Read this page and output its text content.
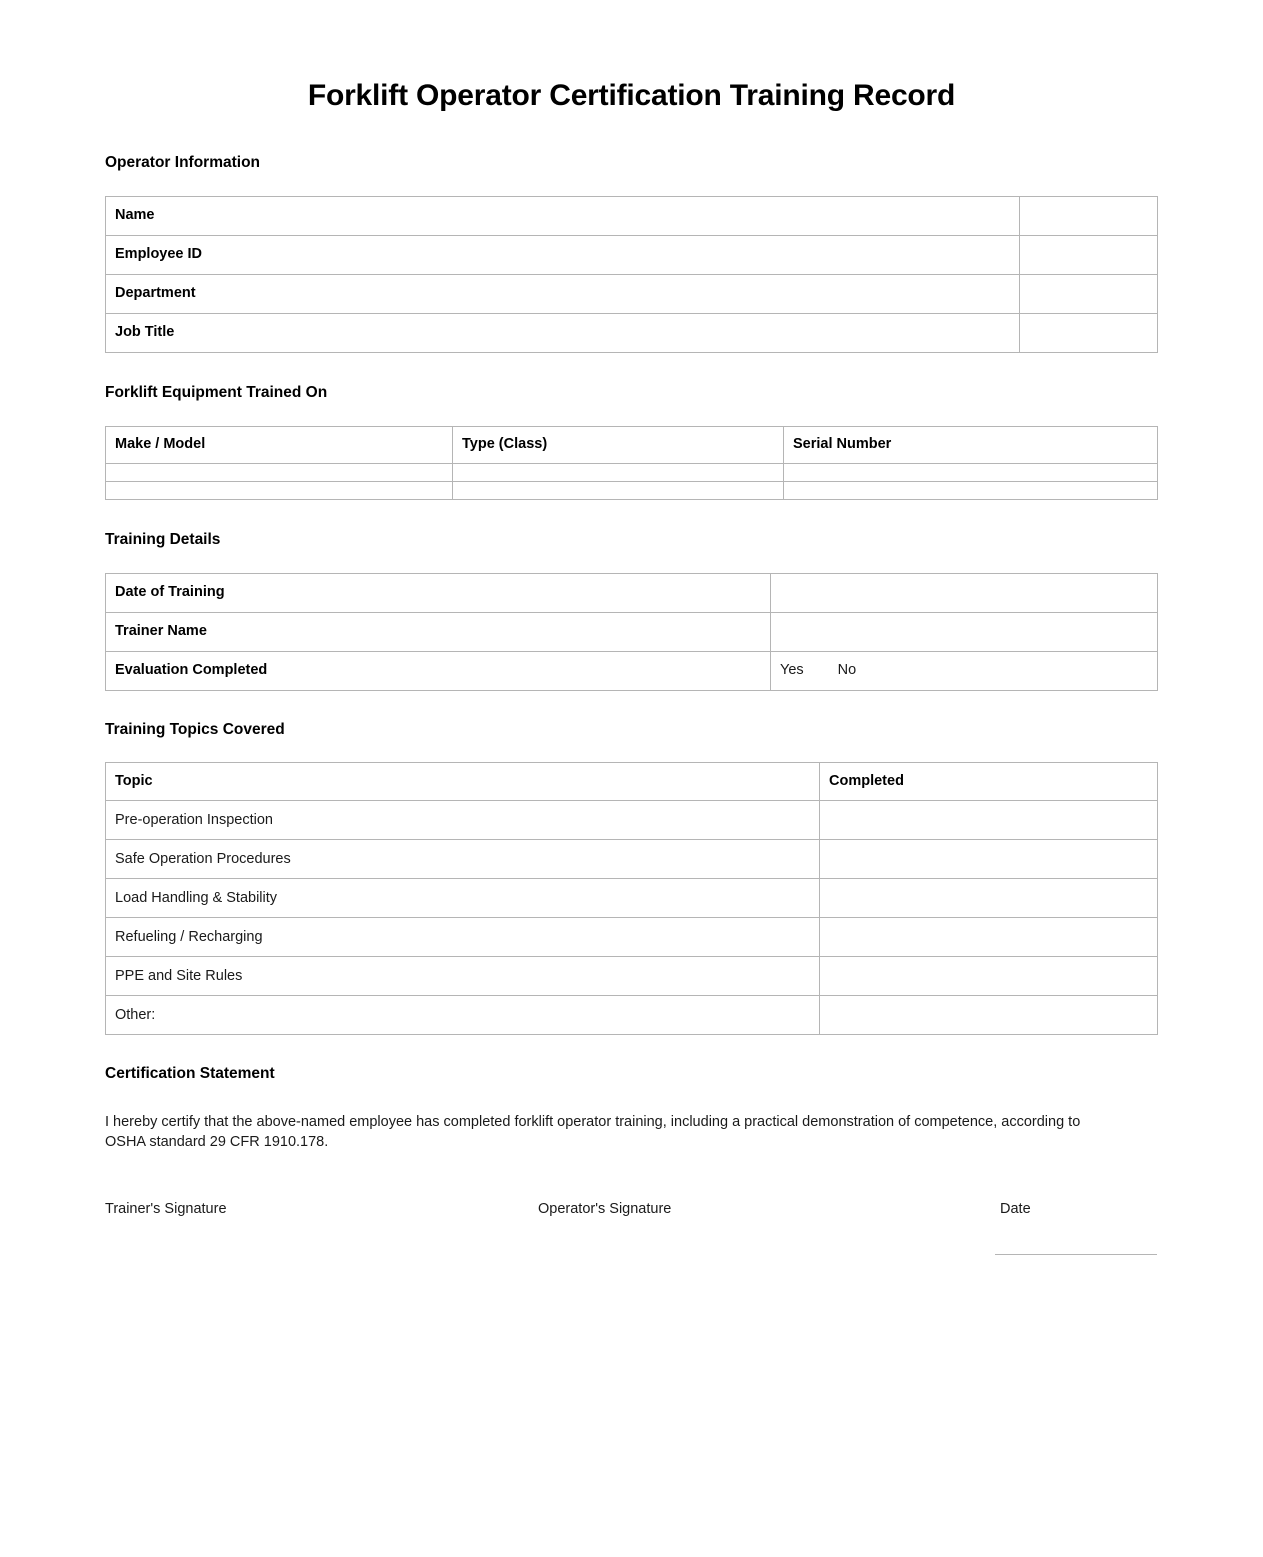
Forklift Operator Certification Training Record
Operator Information
Name	
Employee ID	
Department	
Job Title	
Forklift Equipment Trained On
Make / Model	Type (Class)	Serial Number

Training Details
Date of Training	
Trainer Name	
Evaluation Completed	Yes No
Training Topics Covered
Topic	Completed
Pre-operation Inspection	
Safe Operation Procedures	
Load Handling & Stability	
Refueling / Recharging	
PPE and Site Rules	
Other:	
Certification Statement

I hereby certify that the above-named employee has completed forklift operator training, including a practical demonstration of competence, according to OSHA standard 29 CFR 1910.178.

Trainer's Signature	Operator's Signature	Date
